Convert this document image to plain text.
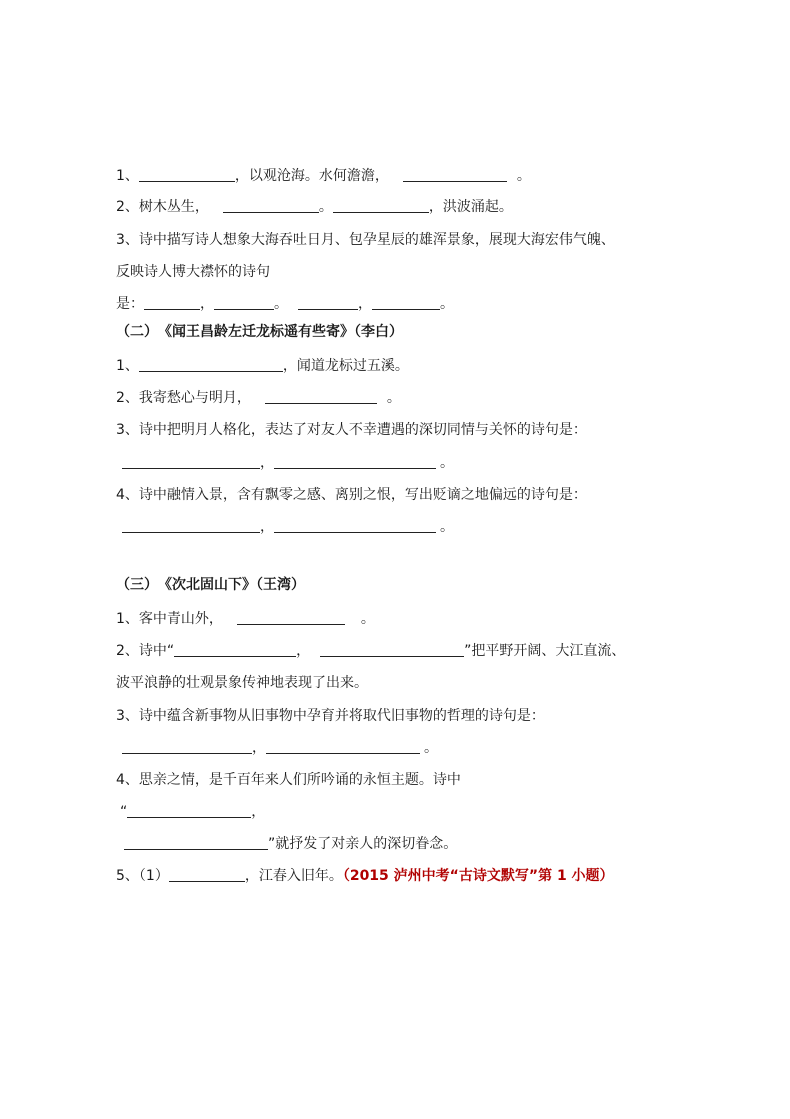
1、	，以观沧海。水何澹澹，	。
2、树木丛生，	。	，洪波涌起。
3、诗中描写诗人想象大海吞吐日月、包孕星辰的雄浑景象，展现大海宏伟气魄、
反映诗人博大襟怀的诗句
是：	，	。	，	。
（二）　《闻王昌龄左迁龙标遥有些寄》（李白）
1、	，闻道龙标过五溪。
2、我寄愁心与明月，	。
3、诗中把明月人格化，表达了对友人不幸遭遇的深切同情与关怀的诗句是：
，	。
4、诗中融情入景，含有飘零之感、离别之恨，写出贬谪之地偏远的诗句是：
，	。
（三）　《次北固山下》（王湾）
1、客中青山外，	。
2、诗中“	，	”把平野开阔、大江直流、
波平浪静的壮观景象传神地表现了出来。
3、诗中蕴含新事物从旧事物中孕育并将取代旧事物的哲理的诗句是：
，	。
4、思亲之情，是千百年来人们所吟诵的永恒主题。诗中
“	，
”就抒发了对亲人的深切眷念。
5、（1）	，江春入旧年。（2015 泸州中考“古诗文默写”第 1 小题）
